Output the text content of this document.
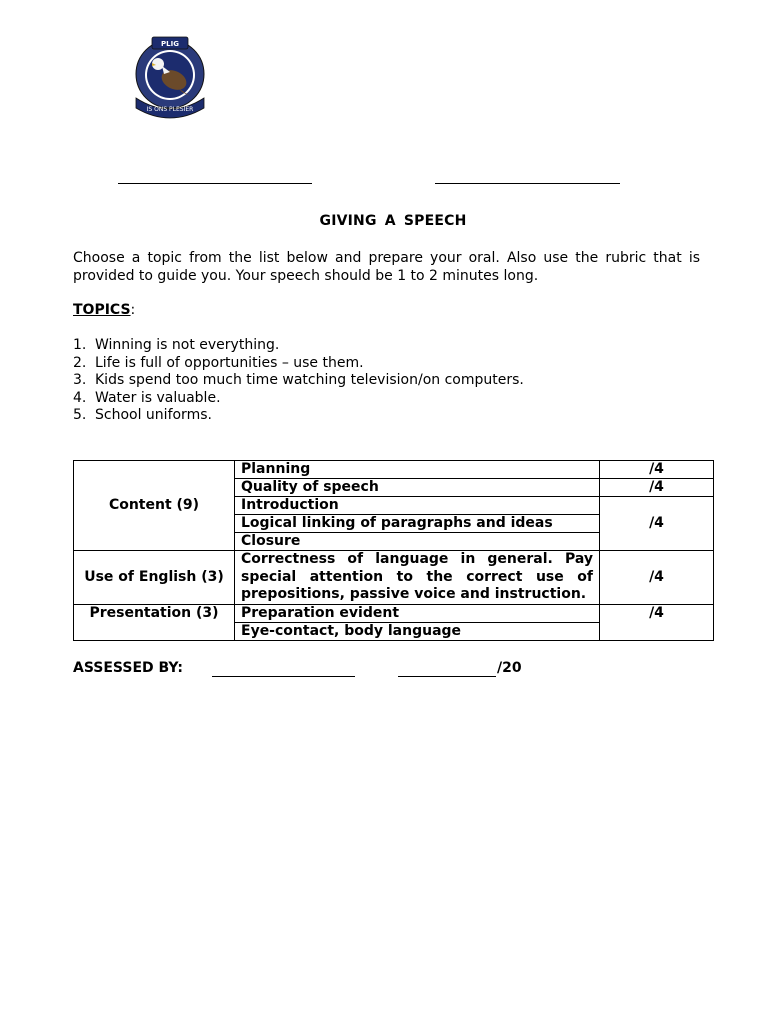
PLIG
IS ONS PLESIER
GIVING A SPEECH
Choose a topic from the list below and prepare your oral. Also use the rubric that is provided to guide you. Your speech should be 1 to 2 minutes long.
TOPICS:
1. Winning is not everything.
2. Life is full of opportunities – use them.
3. Kids spend too much time watching television/on computers.
4. Water is valuable.
5. School uniforms.
Content (9)	Planning	/4
	Quality of speech	/4
	Introduction	/4
	Logical linking of paragraphs and ideas	
	Closure	
Use of English (3)	Correctness of language in general. Pay special attention to the correct use of prepositions, passive voice and instruction.	/4
Presentation (3)	Preparation evident	/4
	Eye-contact, body language	
ASSESSED BY:	/20
